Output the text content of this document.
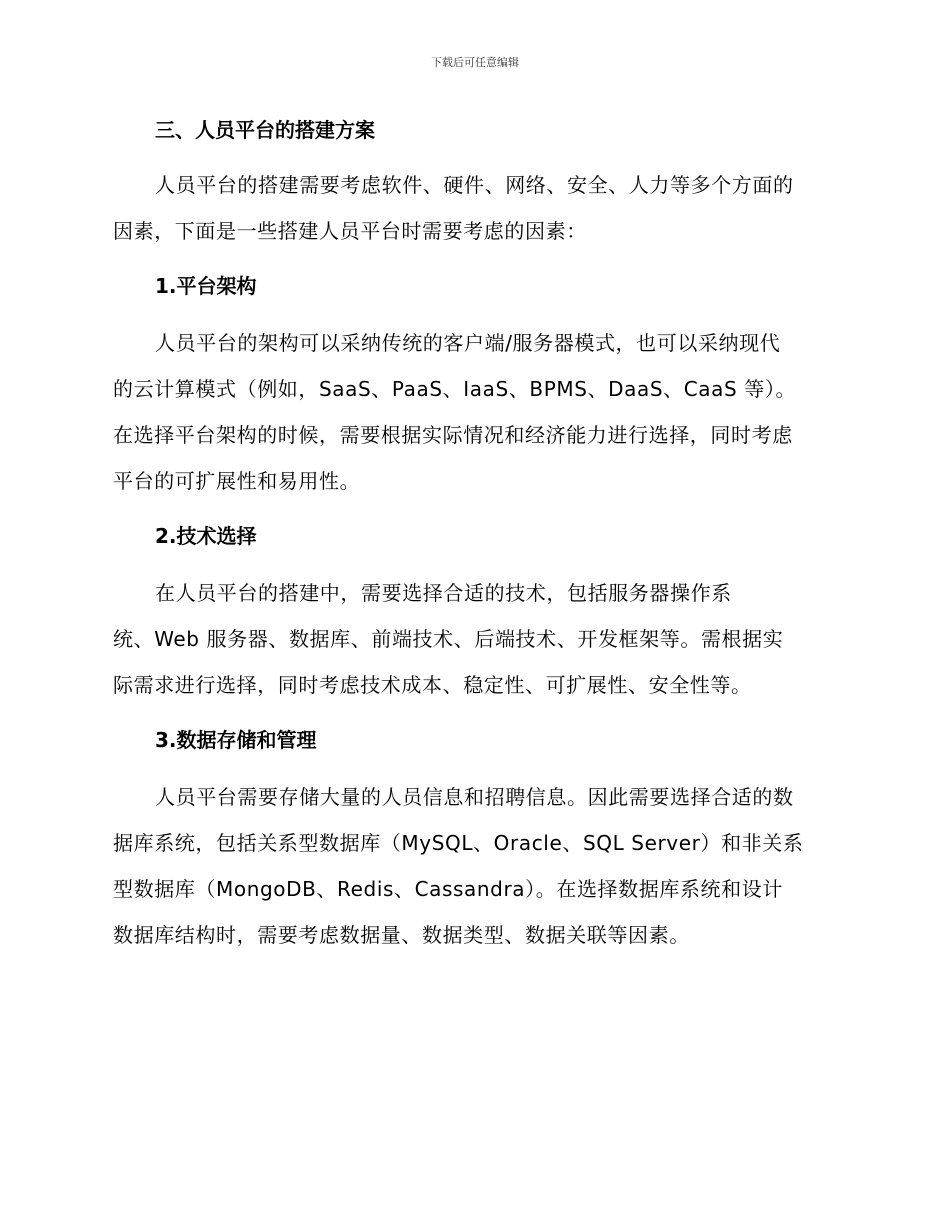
下载后可任意编辑
三、人员平台的搭建方案
人员平台的搭建需要考虑软件、硬件、网络、安全、人力等多个方面的
因素，下面是一些搭建人员平台时需要考虑的因素：
1.平台架构
人员平台的架构可以采纳传统的客户端/服务器模式，也可以采纳现代
的云计算模式（例如，SaaS、PaaS、IaaS、BPMS、DaaS、CaaS 等）。
在选择平台架构的时候，需要根据实际情况和经济能力进行选择，同时考虑
平台的可扩展性和易用性。
2.技术选择
在人员平台的搭建中，需要选择合适的技术，包括服务器操作系
统、Web 服务器、数据库、前端技术、后端技术、开发框架等。需根据实
际需求进行选择，同时考虑技术成本、稳定性、可扩展性、安全性等。
3.数据存储和管理
人员平台需要存储大量的人员信息和招聘信息。因此需要选择合适的数
据库系统，包括关系型数据库（MySQL、Oracle、SQL Server）和非关系
型数据库（MongoDB、Redis、Cassandra）。在选择数据库系统和设计
数据库结构时，需要考虑数据量、数据类型、数据关联等因素。
